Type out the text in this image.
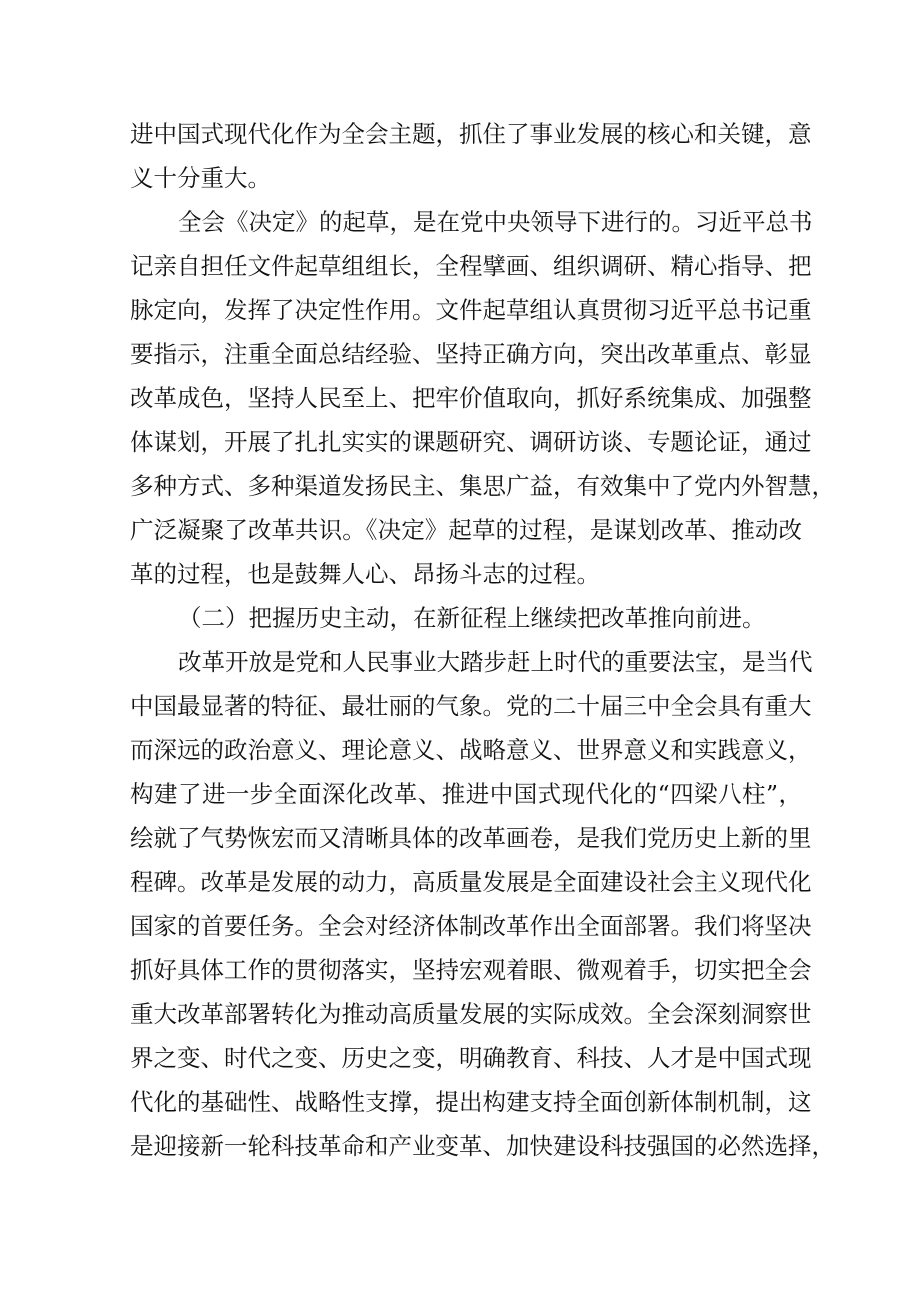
进中国式现代化作为全会主题，抓住了事业发展的核心和关键，意
义十分重大。
全会《决定》的起草，是在党中央领导下进行的。习近平总书
记亲自担任文件起草组组长，全程擘画、组织调研、精心指导、把
脉定向，发挥了决定性作用。文件起草组认真贯彻习近平总书记重
要指示，注重全面总结经验、坚持正确方向，突出改革重点、彰显
改革成色，坚持人民至上、把牢价值取向，抓好系统集成、加强整
体谋划，开展了扎扎实实的课题研究、调研访谈、专题论证，通过
多种方式、多种渠道发扬民主、集思广益，有效集中了党内外智慧，
广泛凝聚了改革共识。《决定》起草的过程，是谋划改革、推动改
革的过程，也是鼓舞人心、昂扬斗志的过程。
（二）把握历史主动，在新征程上继续把改革推向前进。
改革开放是党和人民事业大踏步赶上时代的重要法宝，是当代
中国最显著的特征、最壮丽的气象。党的二十届三中全会具有重大
而深远的政治意义、理论意义、战略意义、世界意义和实践意义，
构建了进一步全面深化改革、推进中国式现代化的“四梁八柱”，
绘就了气势恢宏而又清晰具体的改革画卷，是我们党历史上新的里
程碑。改革是发展的动力，高质量发展是全面建设社会主义现代化
国家的首要任务。全会对经济体制改革作出全面部署。我们将坚决
抓好具体工作的贯彻落实，坚持宏观着眼、微观着手，切实把全会
重大改革部署转化为推动高质量发展的实际成效。全会深刻洞察世
界之变、时代之变、历史之变，明确教育、科技、人才是中国式现
代化的基础性、战略性支撑，提出构建支持全面创新体制机制，这
是迎接新一轮科技革命和产业变革、加快建设科技强国的必然选择，
